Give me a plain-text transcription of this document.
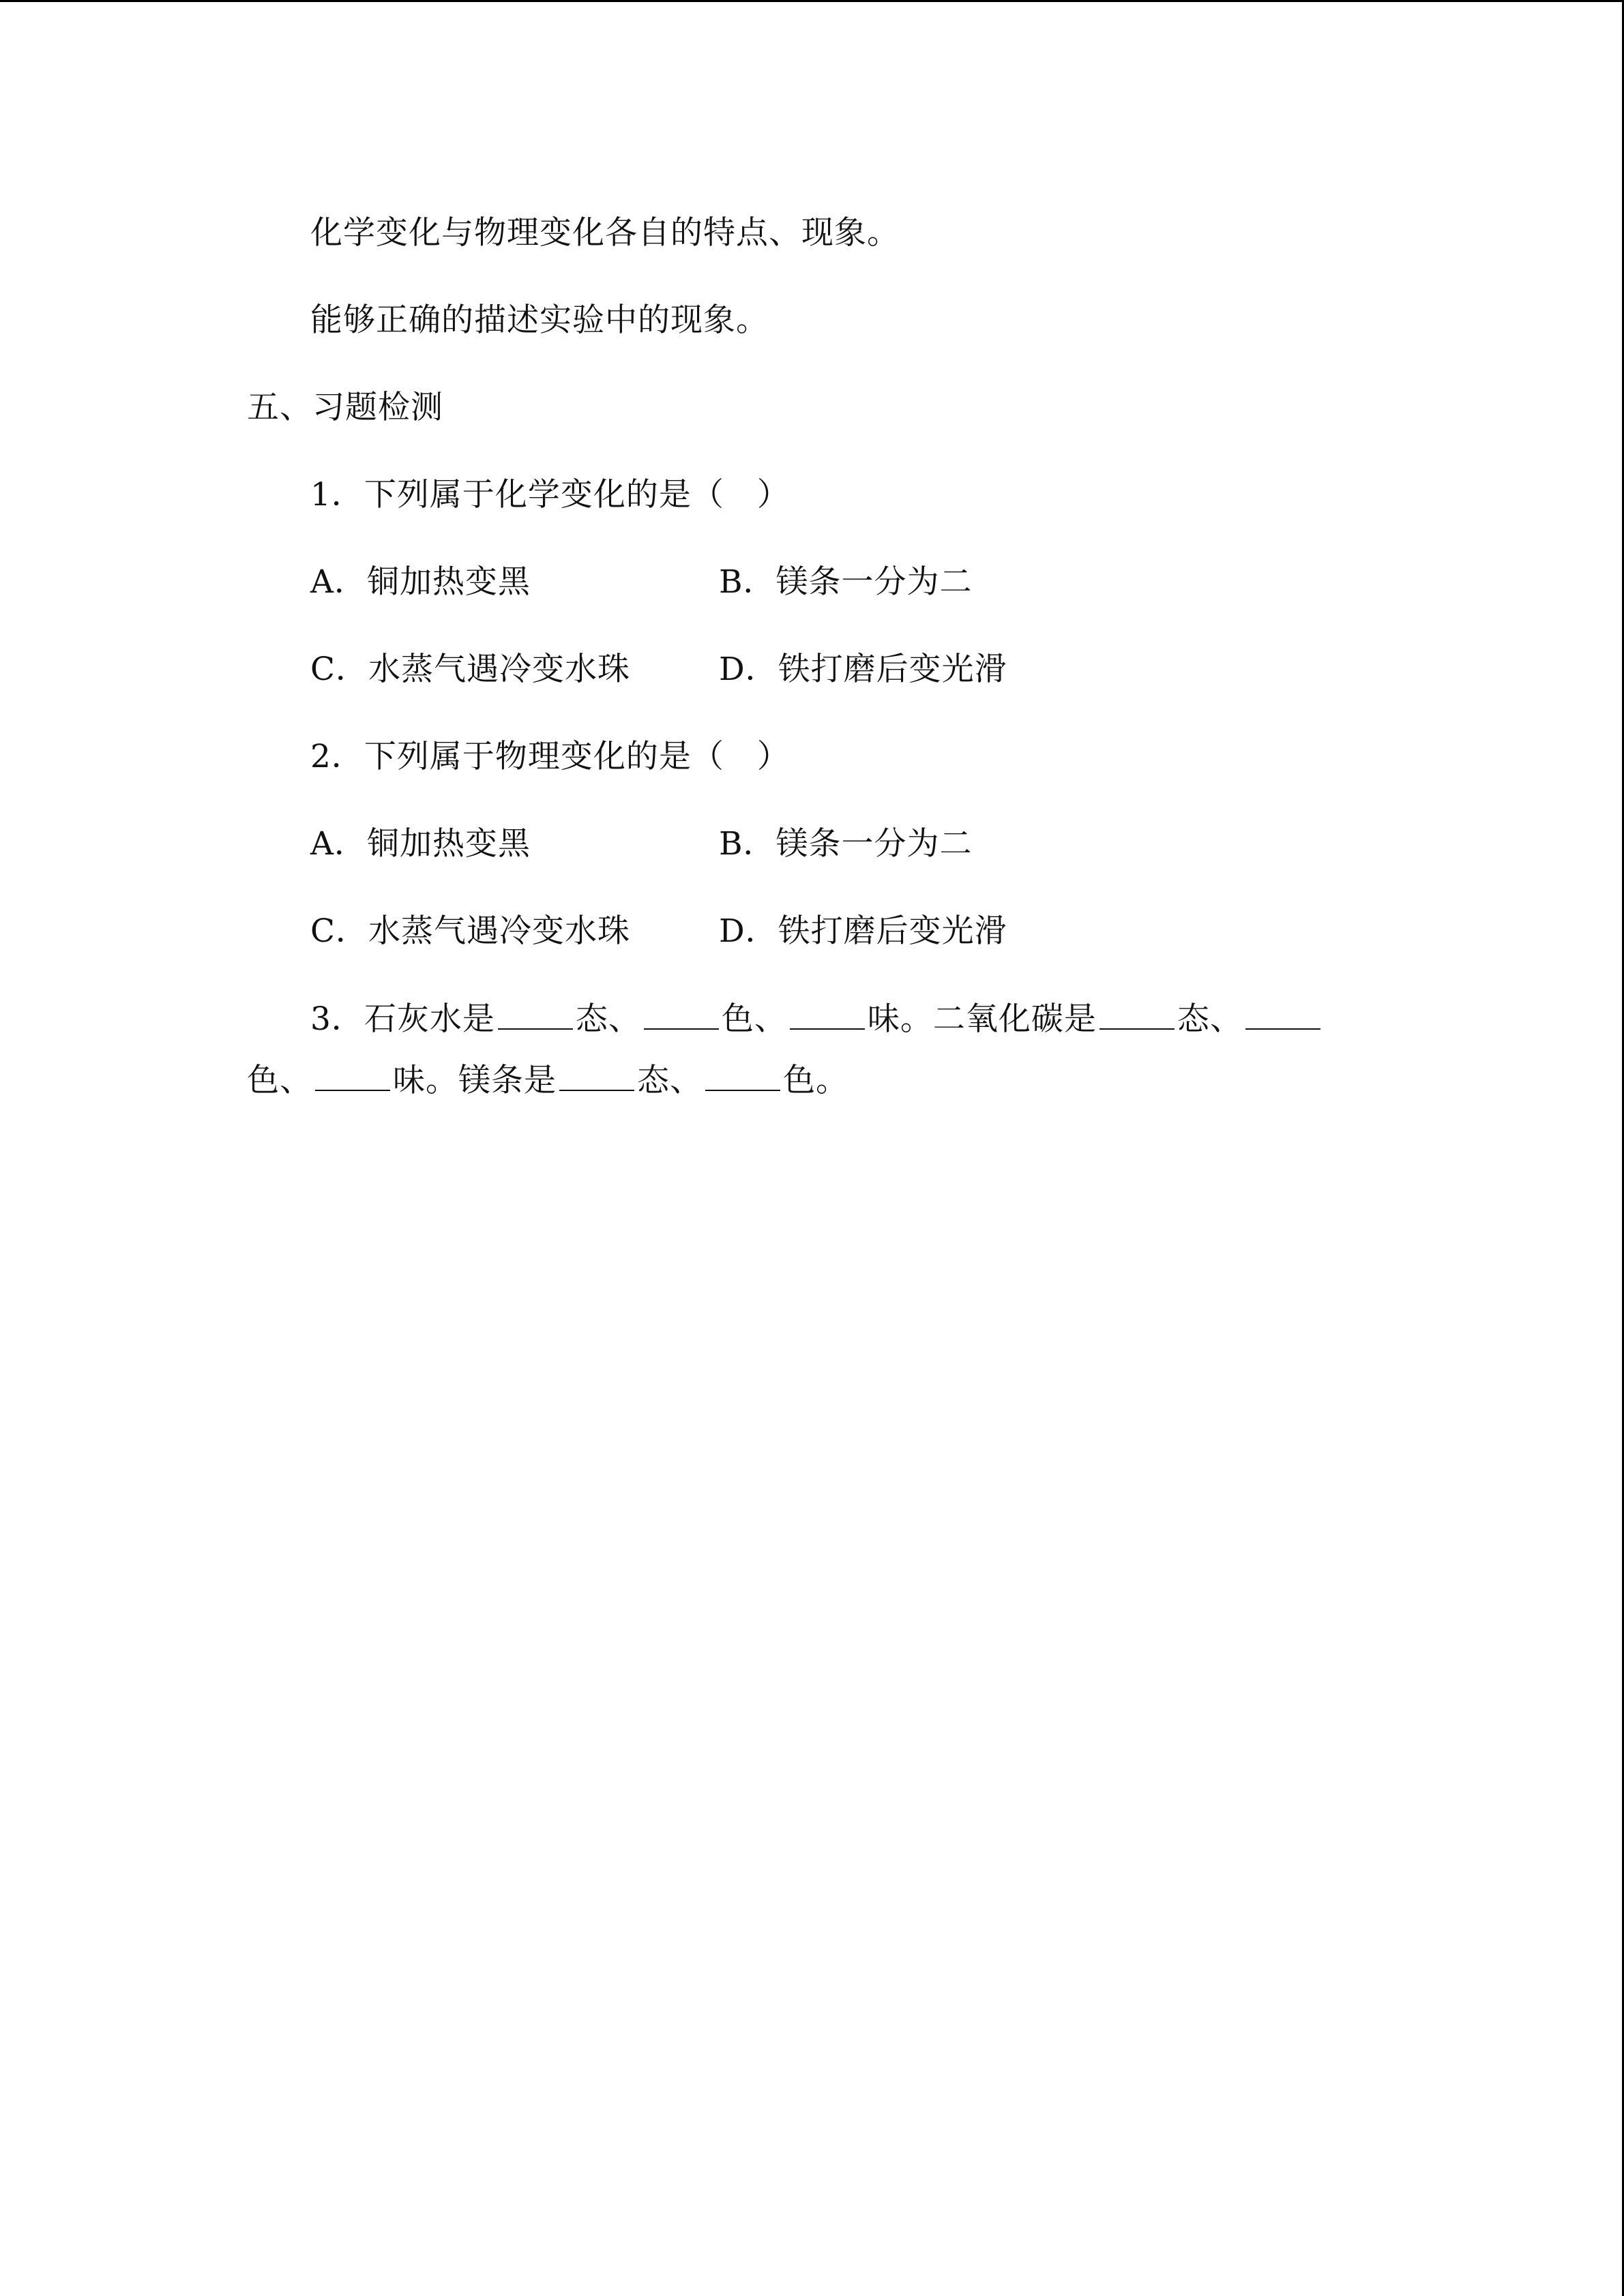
化学变化与物理变化各自的特点、现象。
能够正确的描述实验中的现象。
五、习题检测
1．下列属于化学变化的是（　）
A．铜加热变黑	B．镁条一分为二
C．水蒸气遇冷变水珠	D．铁打磨后变光滑
2．下列属于物理变化的是（　）
A．铜加热变黑	B．镁条一分为二
C．水蒸气遇冷变水珠	D．铁打磨后变光滑
3．石灰水是	态、	色、	味。二氧化碳是	态、
色、	味。镁条是	态、	色。
